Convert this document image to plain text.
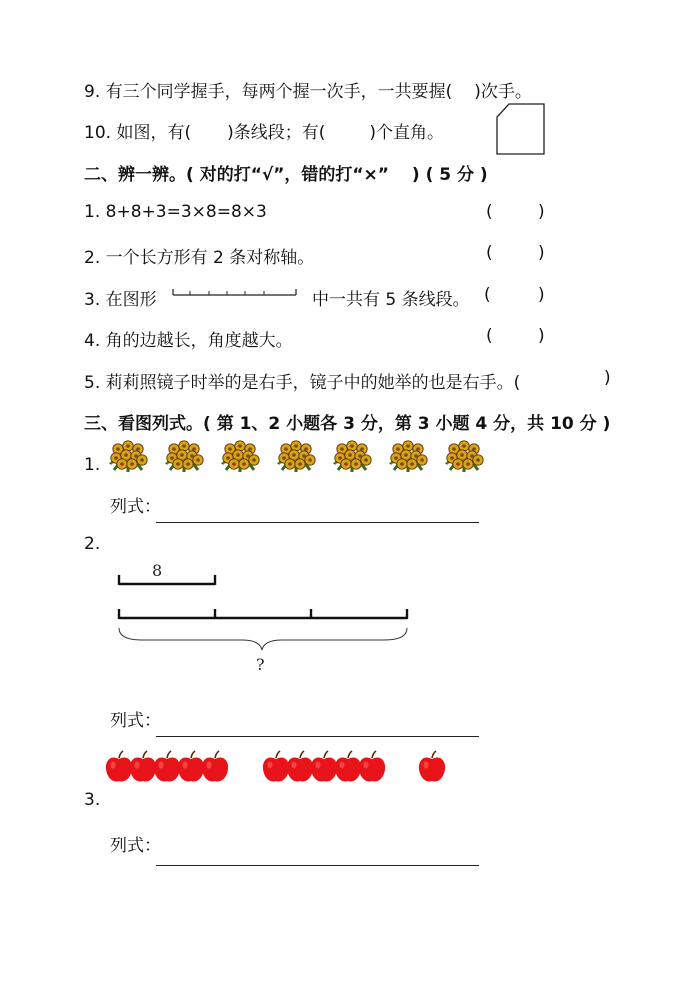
9. 有三个同学握手，每两个握一次手，一共要握( )次手。
10. 如图，有( )条线段；有(	)个直角。
二、辨一辨。( 对的打“√”，错的打“×”　 ) ( 5 分 )
1. 8+8+3=3×8=8×3	(	)
2. 一个长方形有 2 条对称轴。	(	)
3. 在图形	中一共有 5 条线段。 (	)
4. 角的边越长，角度越大。	(	)
5. 莉莉照镜子时举的是右手，镜子中的她举的也是右手。(	)
三、看图列式。( 第 1、2 小题各 3 分，第 3 小题 4 分，共 10 分 )
1.
列式：
2.
8
?
列式：
3.
列式：
